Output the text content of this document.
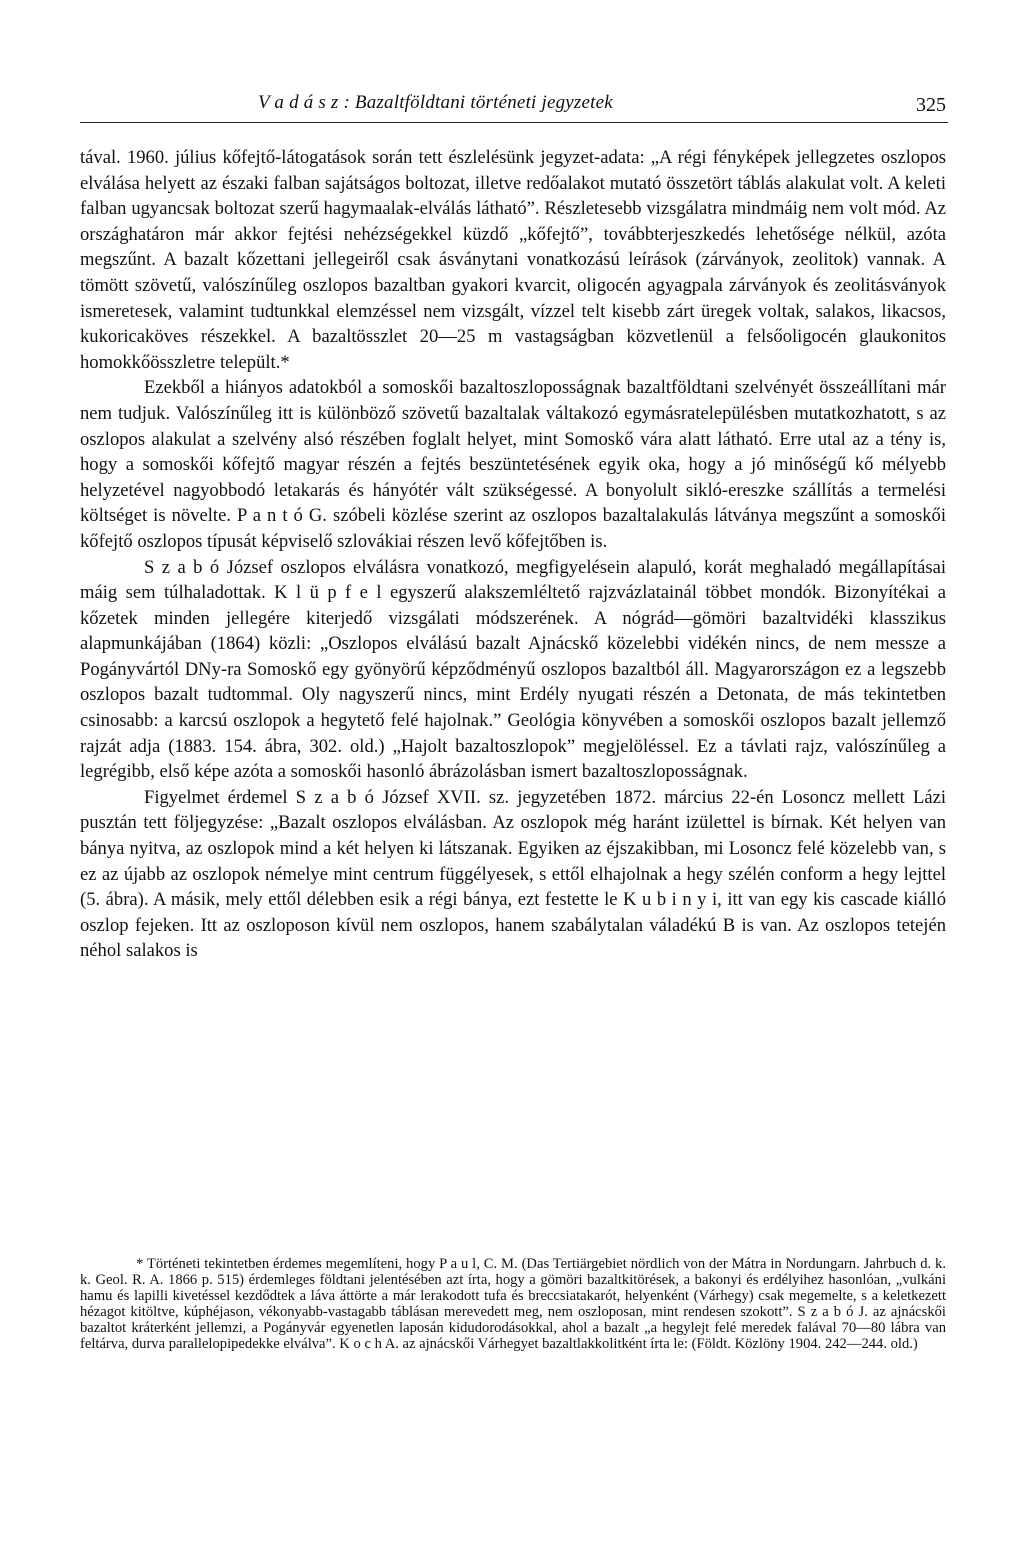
V a d á s z : Bazaltföldtani történeti jegyzetek	325

tával. 1960. július kőfejtő-látogatások során tett észlelésünk jegyzet-adata: „A régi fényképek jellegzetes oszlopos elválása helyett az északi falban sajátságos boltozat, illetve redőalakot mutató összetört táblás alakulat volt. A keleti falban ugyancsak boltozat szerű hagymaalak-elválás látható”. Részletesebb vizsgálatra mindmáig nem volt mód. Az országhatáron már akkor fejtési nehézségekkel küzdő „kőfejtő”, továbbterjeszkedés lehetősége nélkül, azóta megszűnt. A bazalt kőzettani jellegeiről csak ásványtani vonatkozású leírások (zárványok, zeolitok) vannak. A tömött szövetű, valószínűleg oszlopos bazaltban gyakori kvarcit, oligocén agyagpala zárványok és zeolitásványok ismeretesek, valamint tudtunkkal elemzéssel nem vizsgált, vízzel telt kisebb zárt üregek voltak, salakos, likacsos, kukoricaköves részekkel. A bazaltösszlet 20—25 m vastagságban közvetlenül a felsőoligocén glaukonitos homokkőösszletre települt.*

Ezekből a hiányos adatokból a somoskői bazaltoszloposságnak bazaltföldtani szelvényét összeállítani már nem tudjuk. Valószínűleg itt is különböző szövetű bazaltalak váltakozó egymásratelepülésben mutatkozhatott, s az oszlopos alakulat a szelvény alsó részében foglalt helyet, mint Somoskő vára alatt látható. Erre utal az a tény is, hogy a somoskői kőfejtő magyar részén a fejtés beszüntetésének egyik oka, hogy a jó minőségű kő mélyebb helyzetével nagyobbodó letakarás és hányótér vált szükségessé. A bonyolult sikló-ereszke szállítás a termelési költséget is növelte. P a n t ó G. szóbeli közlése szerint az oszlopos bazaltalakulás látványa megszűnt a somoskői kőfejtő oszlopos típusát képviselő szlovákiai részen levő kőfejtőben is.

S z a b ó József oszlopos elválásra vonatkozó, megfigyelésein alapuló, korát meghaladó megállapításai máig sem túlhaladottak. K l ü p f e l egyszerű alakszemléltető rajzvázlatainál többet mondók. Bizonyítékai a kőzetek minden jellegére kiterjedő vizsgálati módszerének. A nógrád—gömöri bazaltvidéki klasszikus alapmunkájában (1864) közli: „Oszlopos elválású bazalt Ajnácskő közelebbi vidékén nincs, de nem messze a Pogányvártól DNy-ra Somoskő egy gyönyörű képződményű oszlopos bazaltból áll. Magyarországon ez a legszebb oszlopos bazalt tudtommal. Oly nagyszerű nincs, mint Erdély nyugati részén a Detonata, de más tekintetben csinosabb: a karcsú oszlopok a hegytető felé hajolnak.” Geológia könyvében a somoskői oszlopos bazalt jellemző rajzát adja (1883. 154. ábra, 302. old.) „Hajolt bazaltoszlopok” megjelöléssel. Ez a távlati rajz, valószínűleg a legrégibb, első képe azóta a somoskői hasonló ábrázolásban ismert bazaltoszloposságnak.

Figyelmet érdemel S z a b ó József XVII. sz. jegyzetében 1872. március 22-én Losoncz mellett Lázi pusztán tett följegyzése: „Bazalt oszlopos elválásban. Az oszlopok még haránt izülettel is bírnak. Két helyen van bánya nyitva, az oszlopok mind a két helyen ki látszanak. Egyiken az éjszakibban, mi Losoncz felé közelebb van, s ez az újabb az oszlopok némelye mint centrum függélyesek, s ettől elhajolnak a hegy szélén conform a hegy lejttel (5. ábra). A másik, mely ettől délebben esik a régi bánya, ezt festette le K u b i n y i, itt van egy kis cascade kiálló oszlop fejeken. Itt az oszloposon kívül nem oszlopos, hanem szabálytalan váladékú B is van. Az oszlopos tetején néhol salakos is

* Történeti tekintetben érdemes megemlíteni, hogy P a u l, C. M. (Das Tertiärgebiet nördlich von der Mátra in Nordungarn. Jahrbuch d. k. k. Geol. R. A. 1866 p. 515) érdemleges földtani jelentésében azt írta, hogy a gömöri bazaltkitörések, a bakonyi és erdélyihez hasonlóan, „vulkáni hamu és lapilli kivetéssel kezdődtek a láva áttörte a már lerakodott tufa és breccsiatakarót, helyenként (Várhegy) csak megemelte, s a keletkezett hézagot kitöltve, kúphéjason, vékonyabb-vastagabb táblásan merevedett meg, nem oszloposan, mint rendesen szokott”. S z a b ó J. az ajnácskői bazaltot kráterként jellemzi, a Pogányvár egyenetlen laposán kidudorodásokkal, ahol a bazalt „a hegylejt felé meredek falával 70—80 lábra van feltárva, durva parallelopipedekke elválva”. K o c h A. az ajnácskői Várhegyet bazaltlakkolitként írta le: (Földt. Közlöny 1904. 242—244. old.)
